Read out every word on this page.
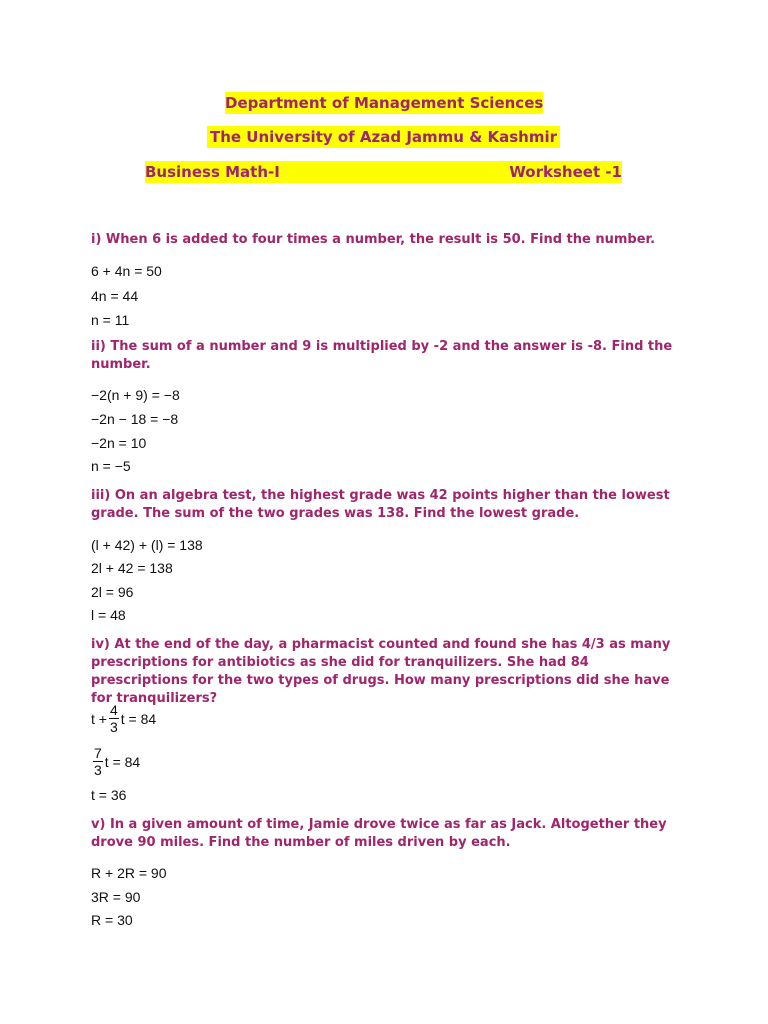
Department of Management Sciences
The University of Azad Jammu & Kashmir
Business Math-I	Worksheet -1

i) When 6 is added to four times a number, the result is 50. Find the number.

6 + 4n = 50
4n = 44
n = 11

ii) The sum of a number and 9 is multiplied by -2 and the answer is -8. Find the number.

−2(n + 9) = −8
−2n − 18 = −8
−2n = 10
n = −5

iii) On an algebra test, the highest grade was 42 points higher than the lowest grade. The sum of the two grades was 138. Find the lowest grade.

(l + 42) + (l) = 138
2l + 42 = 138
2l = 96
l = 48

iv) At the end of the day, a pharmacist counted and found she has 4/3 as many prescriptions for antibiotics as she did for tranquilizers. She had 84 prescriptions for the two types of drugs. How many prescriptions did she have for tranquilizers?

$t + \frac{4}{3}$ t = 84
$\frac{7}{3}$ t = 84
t = 36

v) In a given amount of time, Jamie drove twice as far as Jack. Altogether they drove 90 miles. Find the number of miles driven by each.

R + 2R = 90
3R = 90
R = 30
